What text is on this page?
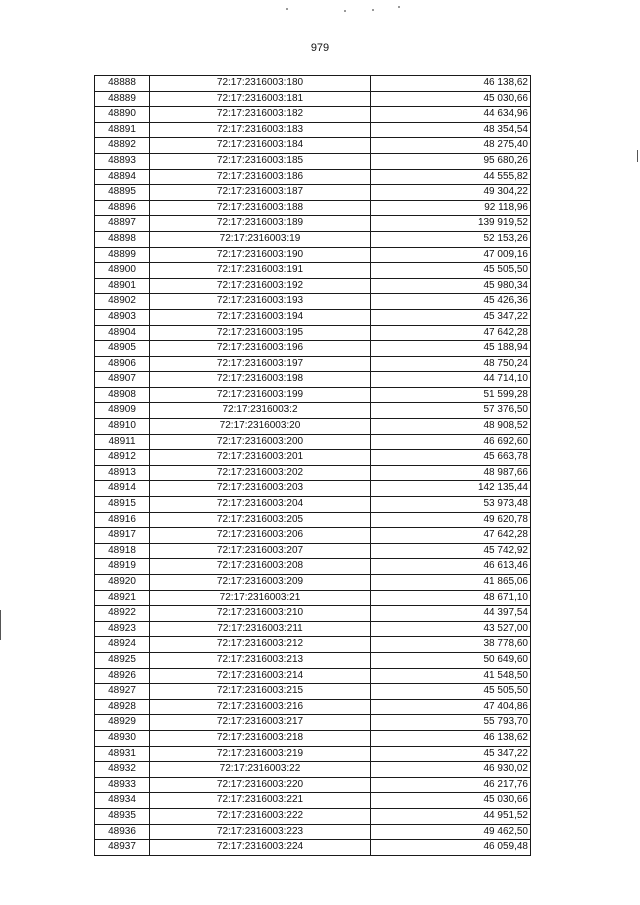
979
48888	72:17:2316003:180	46 138,62
48889	72:17:2316003:181	45 030,66
48890	72:17:2316003:182	44 634,96
48891	72:17:2316003:183	48 354,54
48892	72:17:2316003:184	48 275,40
48893	72:17:2316003:185	95 680,26
48894	72:17:2316003:186	44 555,82
48895	72:17:2316003:187	49 304,22
48896	72:17:2316003:188	92 118,96
48897	72:17:2316003:189	139 919,52
48898	72:17:2316003:19	52 153,26
48899	72:17:2316003:190	47 009,16
48900	72:17:2316003:191	45 505,50
48901	72:17:2316003:192	45 980,34
48902	72:17:2316003:193	45 426,36
48903	72:17:2316003:194	45 347,22
48904	72:17:2316003:195	47 642,28
48905	72:17:2316003:196	45 188,94
48906	72:17:2316003:197	48 750,24
48907	72:17:2316003:198	44 714,10
48908	72:17:2316003:199	51 599,28
48909	72:17:2316003:2	57 376,50
48910	72:17:2316003:20	48 908,52
48911	72:17:2316003:200	46 692,60
48912	72:17:2316003:201	45 663,78
48913	72:17:2316003:202	48 987,66
48914	72:17:2316003:203	142 135,44
48915	72:17:2316003:204	53 973,48
48916	72:17:2316003:205	49 620,78
48917	72:17:2316003:206	47 642,28
48918	72:17:2316003:207	45 742,92
48919	72:17:2316003:208	46 613,46
48920	72:17:2316003:209	41 865,06
48921	72:17:2316003:21	48 671,10
48922	72:17:2316003:210	44 397,54
48923	72:17:2316003:211	43 527,00
48924	72:17:2316003:212	38 778,60
48925	72:17:2316003:213	50 649,60
48926	72:17:2316003:214	41 548,50
48927	72:17:2316003:215	45 505,50
48928	72:17:2316003:216	47 404,86
48929	72:17:2316003:217	55 793,70
48930	72:17:2316003:218	46 138,62
48931	72:17:2316003:219	45 347,22
48932	72:17:2316003:22	46 930,02
48933	72:17:2316003:220	46 217,76
48934	72:17:2316003:221	45 030,66
48935	72:17:2316003:222	44 951,52
48936	72:17:2316003:223	49 462,50
48937	72:17:2316003:224	46 059,48
